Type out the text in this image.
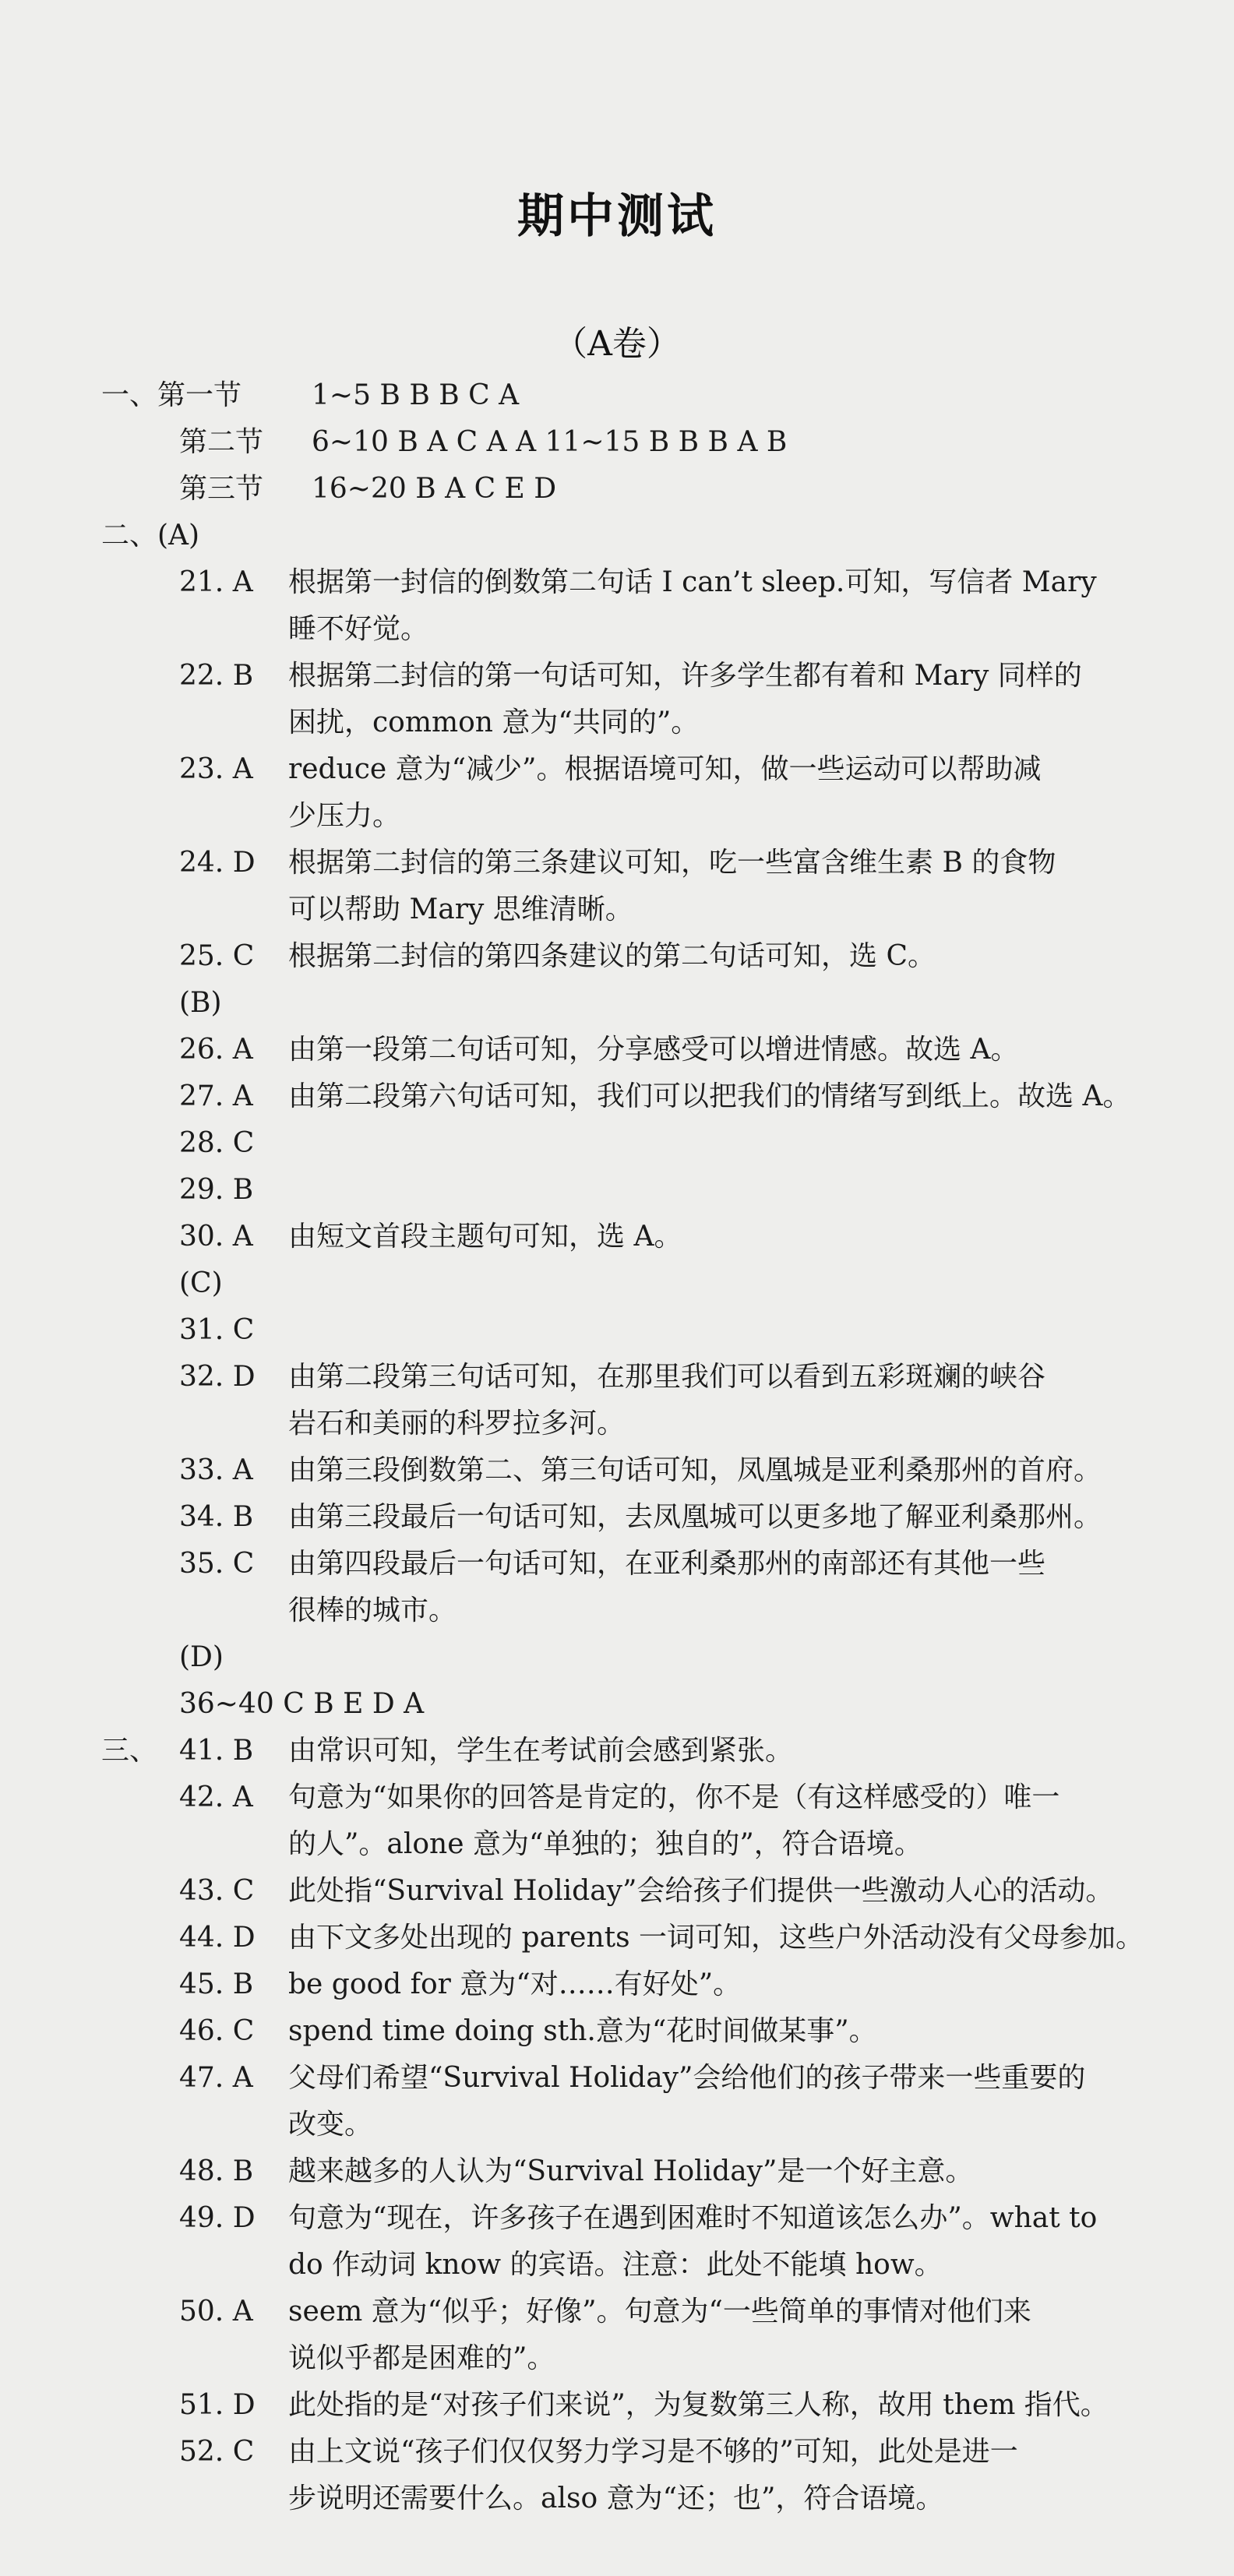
期中测试
（A卷）
一、第一节 1~5 B B B C A
第二节 6~10 B A C A A 11~15 B B B A B
第三节 16~20 B A C E D
二、(A)
21. A 根据第一封信的倒数第二句话 I can’t sleep.可知，写信者 Mary
睡不好觉。
22. B 根据第二封信的第一句话可知，许多学生都有着和 Mary 同样的
困扰，common 意为“共同的”。
23. A reduce 意为“减少”。根据语境可知，做一些运动可以帮助减
少压力。
24. D 根据第二封信的第三条建议可知，吃一些富含维生素 B 的食物
可以帮助 Mary 思维清晰。
25. C 根据第二封信的第四条建议的第二句话可知，选 C。
(B)
26. A 由第一段第二句话可知，分享感受可以增进情感。故选 A。
27. A 由第二段第六句话可知，我们可以把我们的情绪写到纸上。故选 A。
28. C
29. B
30. A 由短文首段主题句可知，选 A。
(C)
31. C
32. D 由第二段第三句话可知，在那里我们可以看到五彩斑斓的峡谷
岩石和美丽的科罗拉多河。
33. A 由第三段倒数第二、第三句话可知，凤凰城是亚利桑那州的首府。
34. B 由第三段最后一句话可知，去凤凰城可以更多地了解亚利桑那州。
35. C 由第四段最后一句话可知，在亚利桑那州的南部还有其他一些
很棒的城市。
(D)
36~40 C B E D A
三、 41. B 由常识可知，学生在考试前会感到紧张。
42. A 句意为“如果你的回答是肯定的，你不是（有这样感受的）唯一
的人”。alone 意为“单独的；独自的”，符合语境。
43. C 此处指“Survival Holiday”会给孩子们提供一些激动人心的活动。
44. D 由下文多处出现的 parents 一词可知，这些户外活动没有父母参加。
45. B be good for 意为“对……有好处”。
46. C spend time doing sth.意为“花时间做某事”。
47. A 父母们希望“Survival Holiday”会给他们的孩子带来一些重要的
改变。
48. B 越来越多的人认为“Survival Holiday”是一个好主意。
49. D 句意为“现在，许多孩子在遇到困难时不知道该怎么办”。what to
do 作动词 know 的宾语。注意：此处不能填 how。
50. A seem 意为“似乎；好像”。句意为“一些简单的事情对他们来
说似乎都是困难的”。
51. D 此处指的是“对孩子们来说”，为复数第三人称，故用 them 指代。
52. C 由上文说“孩子们仅仅努力学习是不够的”可知，此处是进一
步说明还需要什么。also 意为“还；也”，符合语境。
